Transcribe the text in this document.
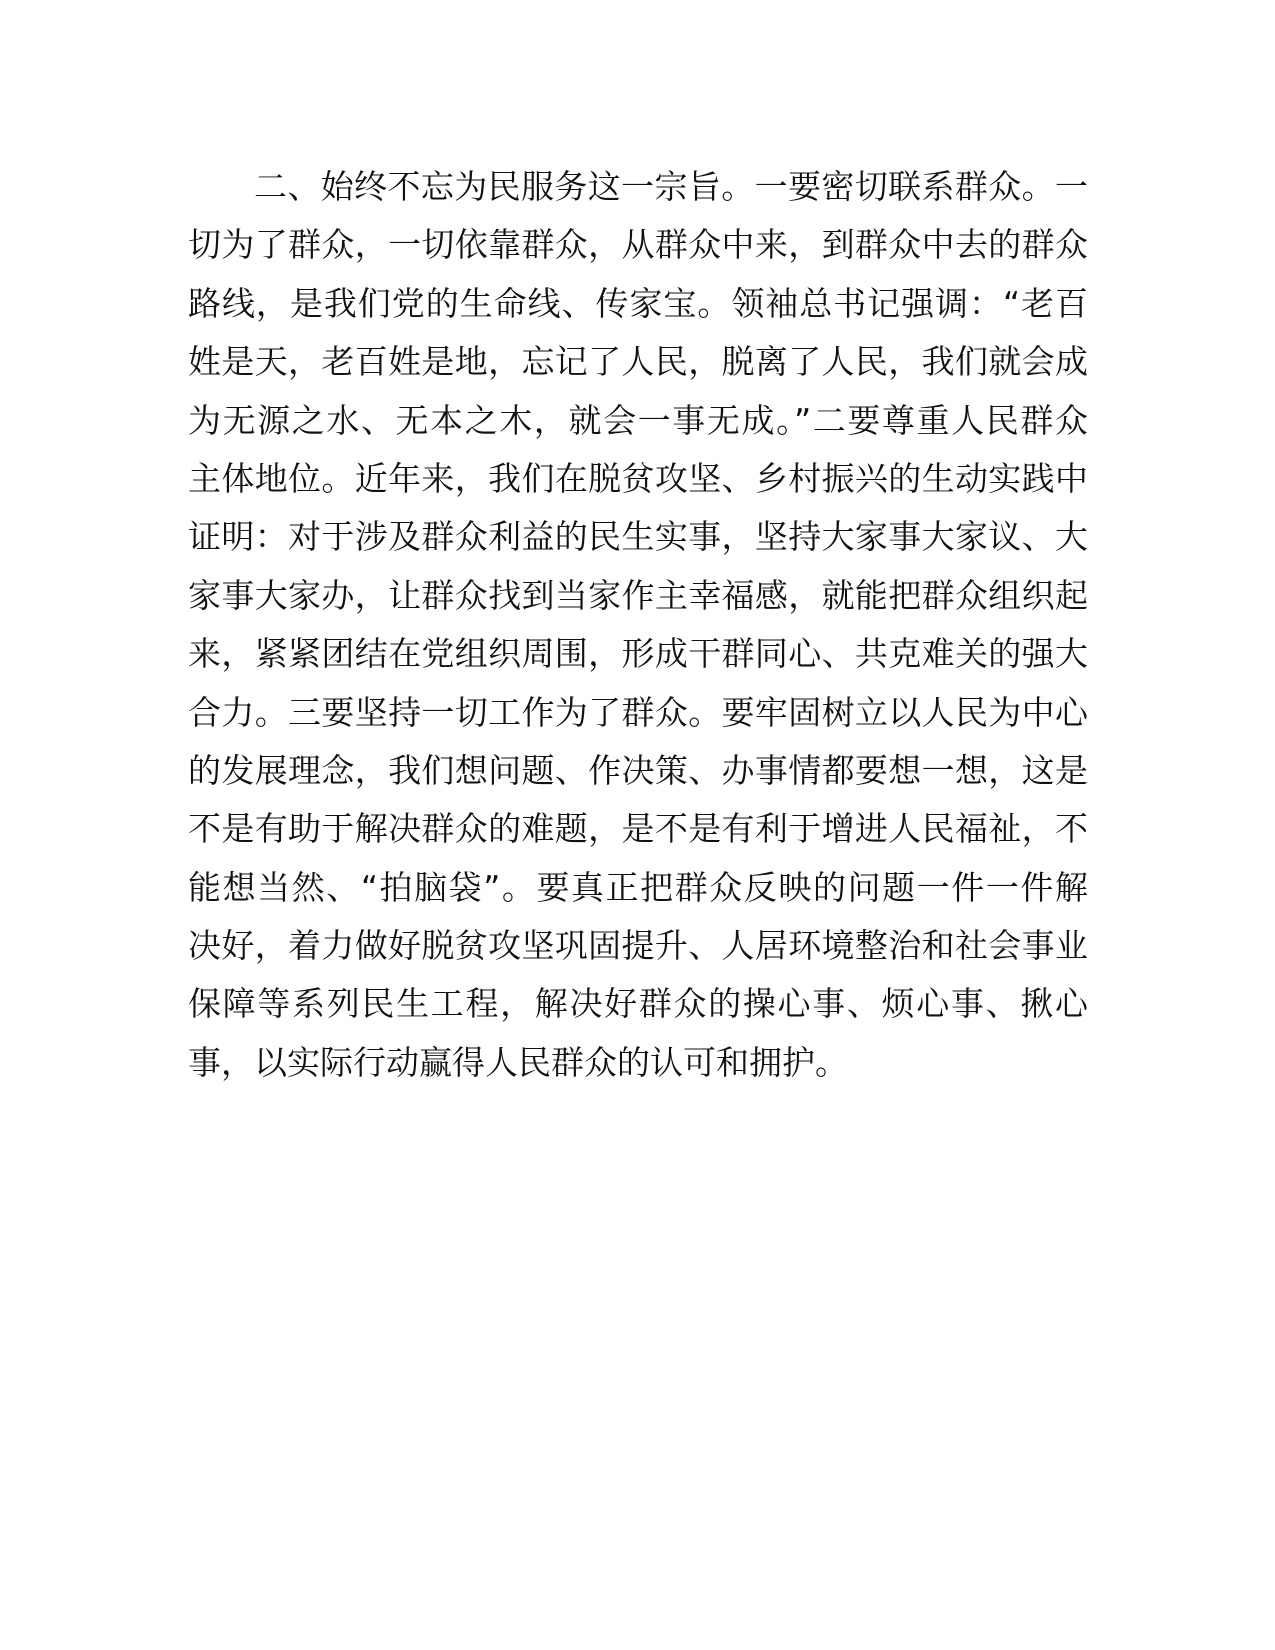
二、始终不忘为民服务这一宗旨。一要密切联系群众。一
切为了群众，一切依靠群众，从群众中来，到群众中去的群众
路线，是我们党的生命线、传家宝。领袖总书记强调：“老百
姓是天，老百姓是地，忘记了人民，脱离了人民，我们就会成
为无源之水、无本之木，就会一事无成。”二要尊重人民群众
主体地位。近年来，我们在脱贫攻坚、乡村振兴的生动实践中
证明：对于涉及群众利益的民生实事，坚持大家事大家议、大
家事大家办，让群众找到当家作主幸福感，就能把群众组织起
来，紧紧团结在党组织周围，形成干群同心、共克难关的强大
合力。三要坚持一切工作为了群众。要牢固树立以人民为中心
的发展理念，我们想问题、作决策、办事情都要想一想，这是
不是有助于解决群众的难题，是不是有利于增进人民福祉，不
能想当然、“拍脑袋”。要真正把群众反映的问题一件一件解
决好，着力做好脱贫攻坚巩固提升、人居环境整治和社会事业
保障等系列民生工程，解决好群众的操心事、烦心事、揪心
事，以实际行动赢得人民群众的认可和拥护。
